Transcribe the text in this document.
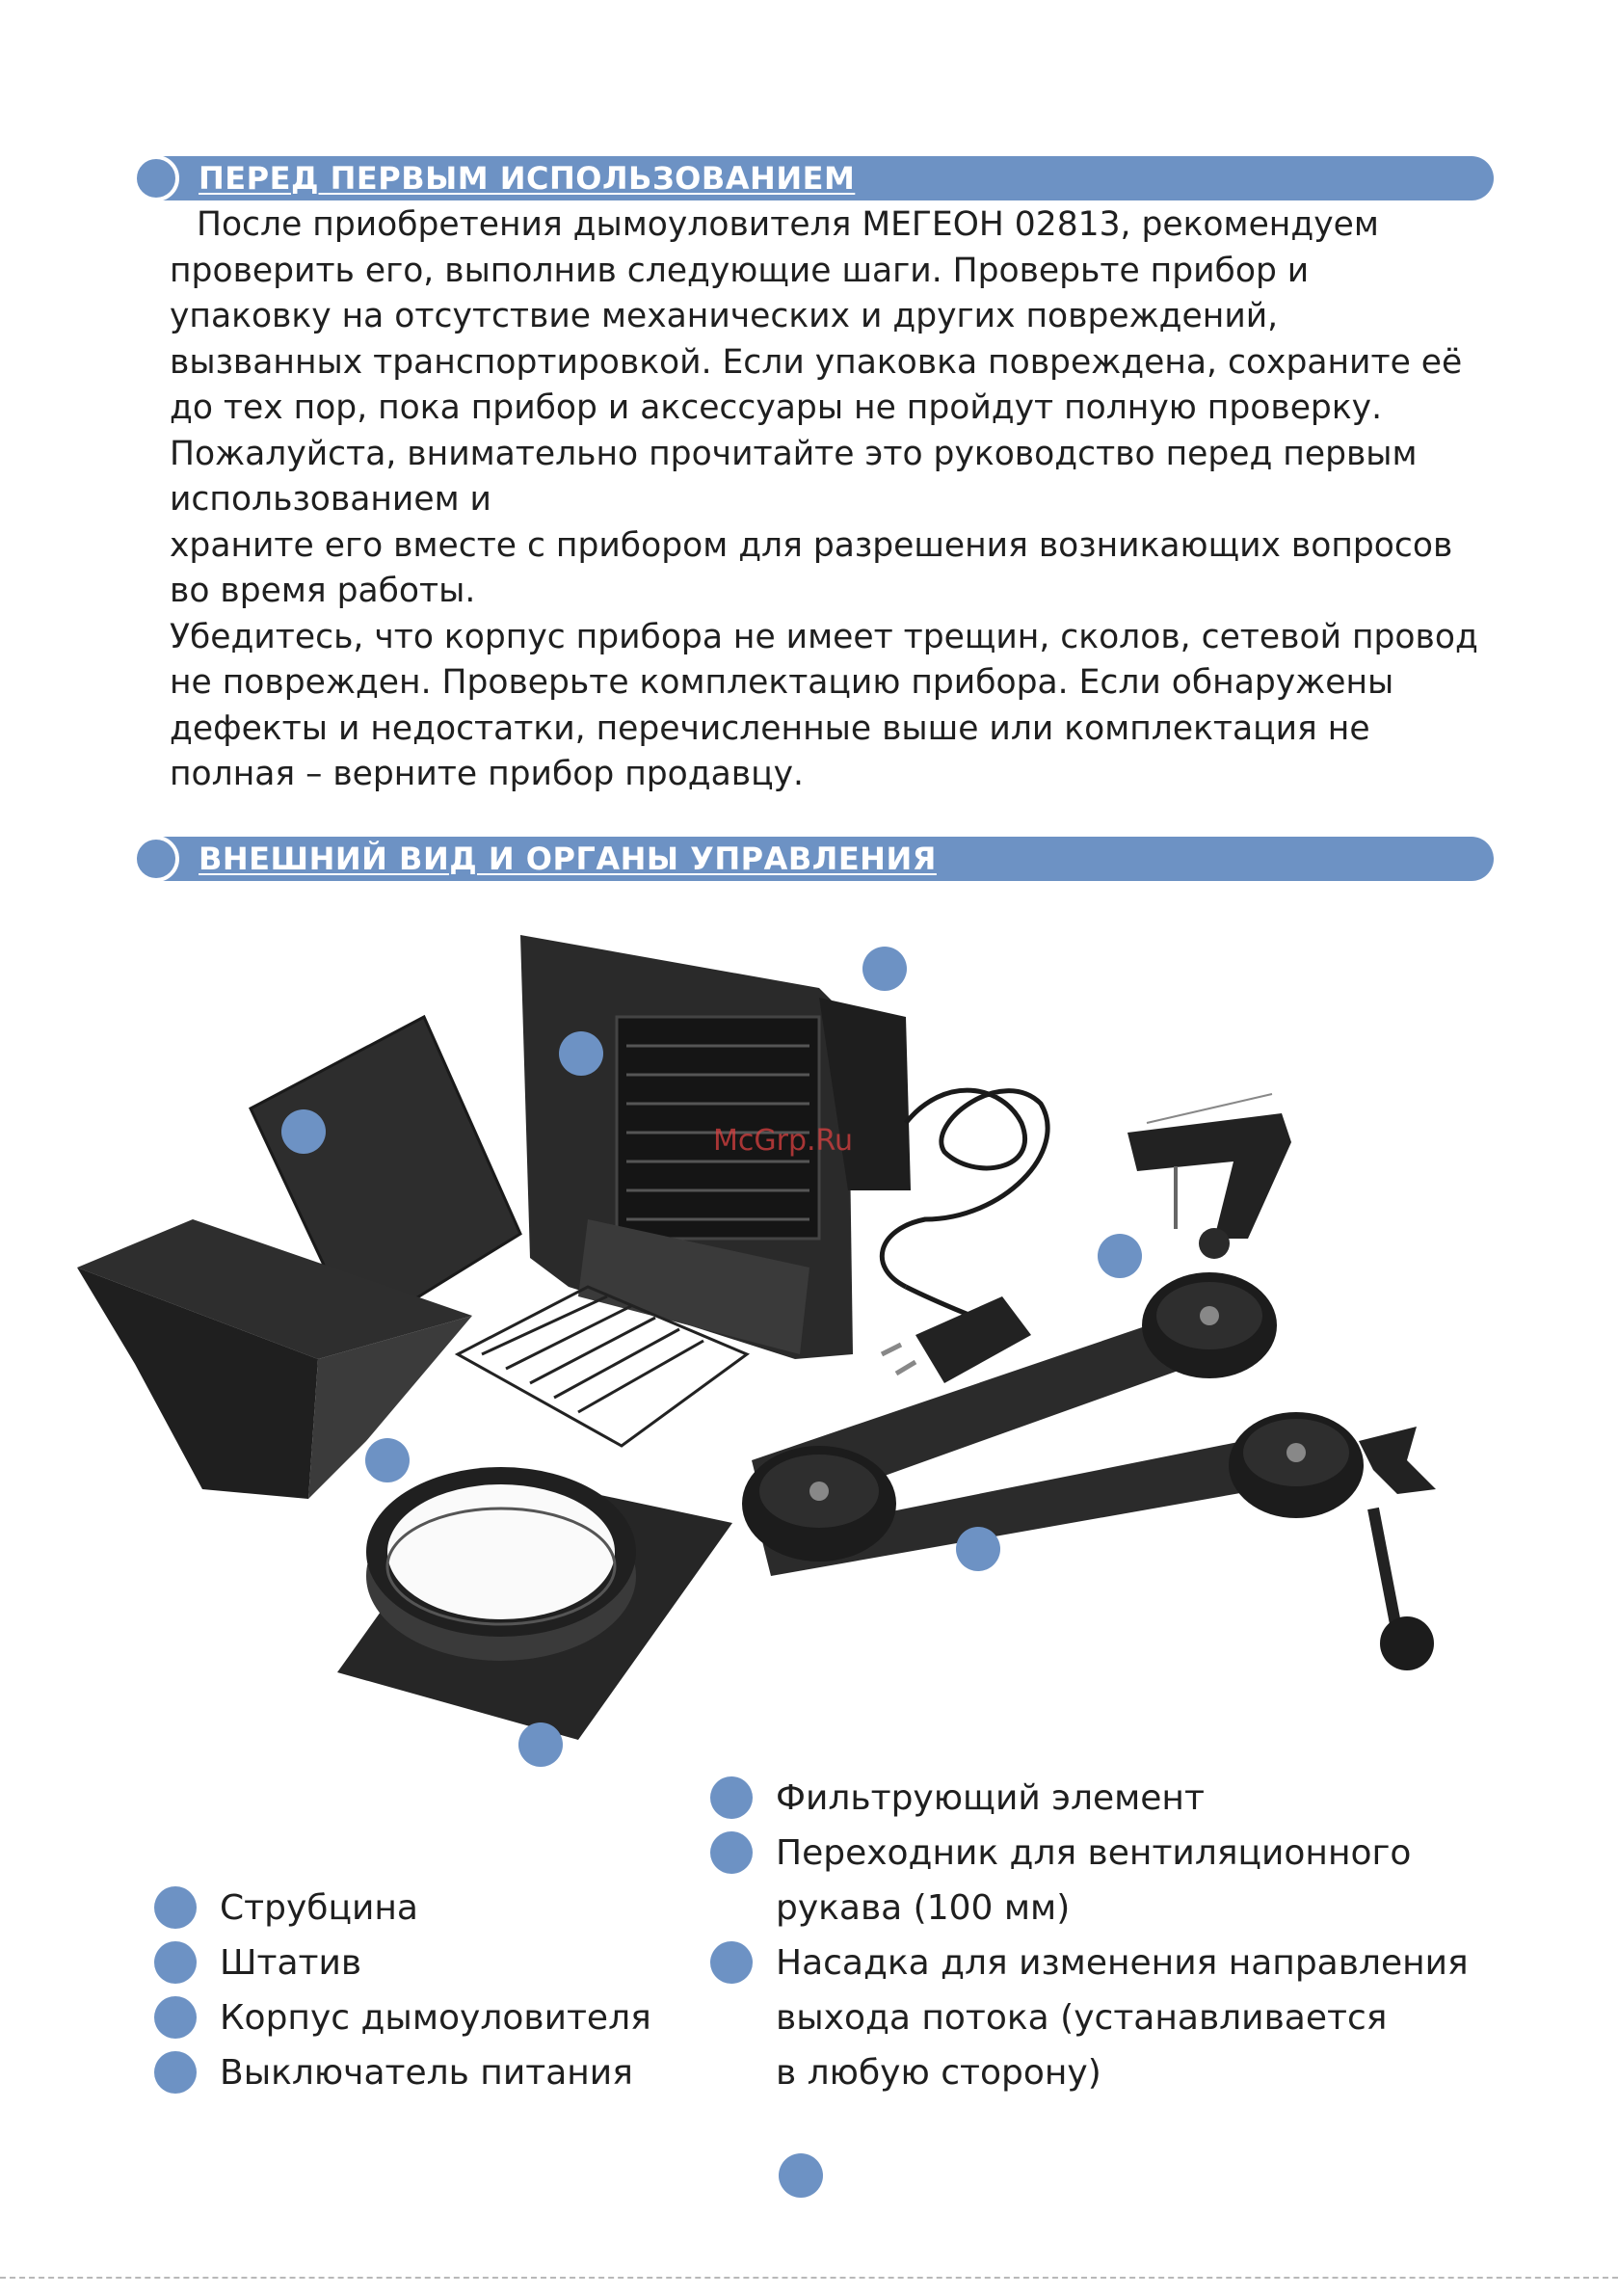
ПЕРЕД ПЕРВЫМ ИСПОЛЬЗОВАНИЕМ

После приобретения дымоуловителя МЕГЕОН 02813, рекомендуем

проверить его, выполнив следующие шаги. Проверьте прибор и

упаковку на отсутствие механических и других повреждений,

вызванных транспортировкой. Если упаковка повреждена, сохраните её

до тех пор, пока прибор и аксессуары не пройдут полную проверку.

Пожалуйста, внимательно прочитайте это руководство перед первым

использованием и

храните его вместе с прибором для разрешения возникающих вопросов

во время работы.

Убедитесь, что корпус прибора не имеет трещин, сколов, сетевой провод

не поврежден. Проверьте комплектацию прибора. Если обнаружены

дефекты и недостатки, перечисленные выше или комплектация не

полная – верните прибор продавцу.

ВНЕШНИЙ ВИД И ОРГАНЫ УПРАВЛЕНИЯ
McGrp.Ru
Фильтрующий элемент
Переходник для вентиляционного
рукава (100 мм)
Насадка для изменения направления
выхода потока (устанавливается
в любую сторону)
Струбцина
Штатив
Корпус дымоуловителя
Выключатель питания
